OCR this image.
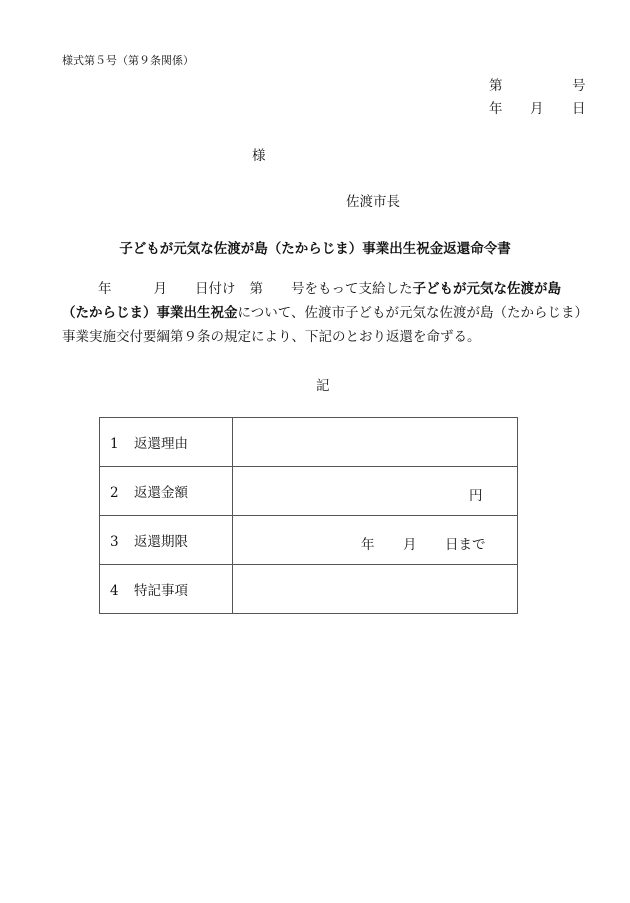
様式第５号（第９条関係）
第	号
年 月 日
様
佐渡市長
子どもが元気な佐渡が島（たからじま）事業出生祝金返還命令書
年	月 日付け 第 号をもって支給した子どもが元気な佐渡が島（たからじま）事業出生祝金について、佐渡市子どもが元気な佐渡が島（たからじま）事業実施交付要綱第９条の規定により、下記のとおり返還を命ずる。
記
1 返還理由	
2 返還金額	円

3 返還期限	年 月 日まで

4 特記事項	
